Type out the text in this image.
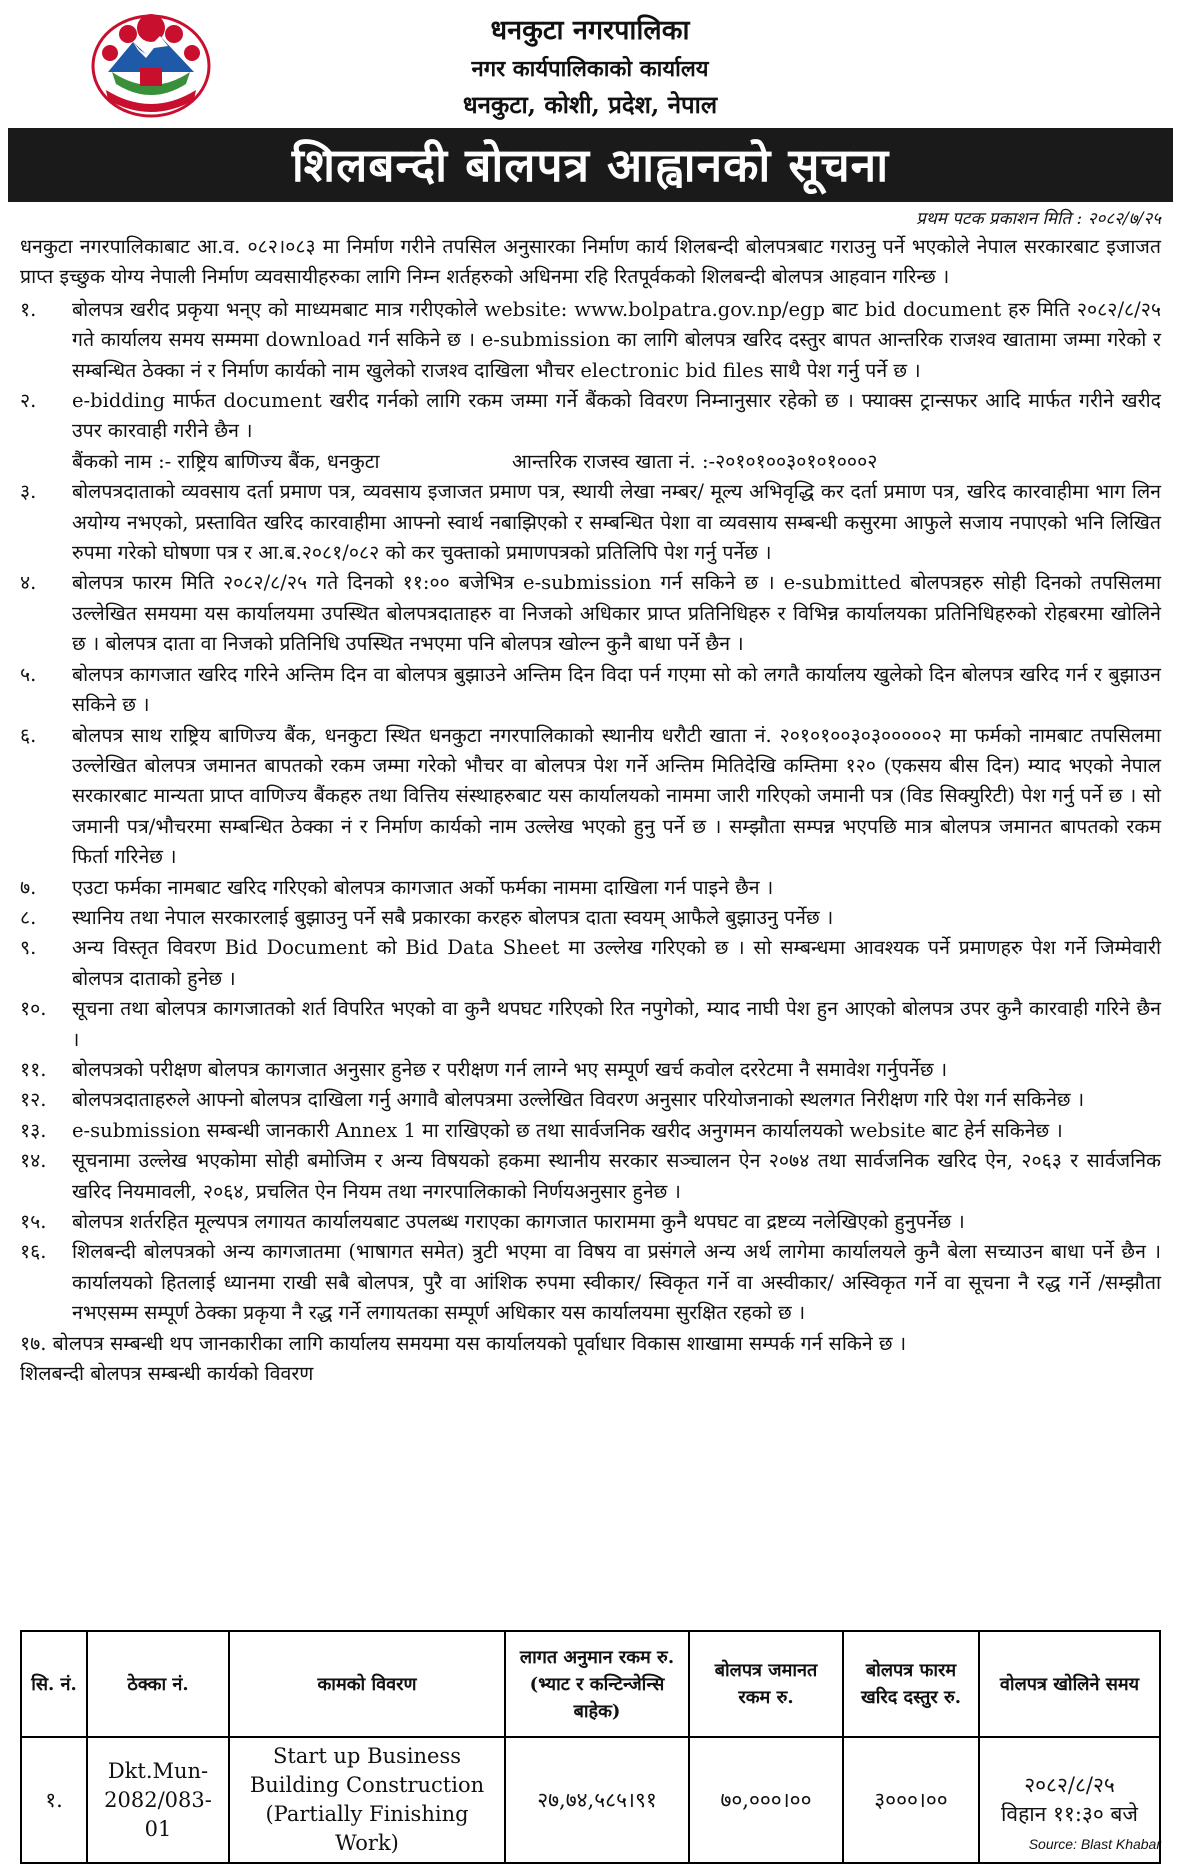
धनकुटा नगरपालिका
नगर कार्यपालिकाको कार्यालय
धनकुटा, कोशी, प्रदेश, नेपाल
शिलबन्दी बोलपत्र आह्वानको सूचना
प्रथम पटक प्रकाशन मिति : २०८२/७/२५

धनकुटा नगरपालिकाबाट आ.व. ०८२।०८३ मा निर्माण गरीने तपसिल अनुसारका निर्माण कार्य शिलबन्दी बोलपत्रबाट गराउनु पर्ने भएकोले नेपाल सरकारबाट इजाजत प्राप्त इच्छुक योग्य नेपाली निर्माण व्यवसायीहरुका लागि निम्न शर्तहरुको अधिनमा रहि रितपूर्वकको शिलबन्दी बोलपत्र आहवान गरिन्छ ।

१.	बोलपत्र खरीद प्रकृया भन्ए को माध्यमबाट मात्र गरीएकोले website: www.bolpatra.gov.np/egp बाट bid document हरु मिति २०८२/८/२५ गते कार्यालय समय सम्ममा download गर्न सकिने छ । e-submission का लागि बोलपत्र खरिद दस्तुर बापत आन्तरिक राजश्व खातामा जम्मा गरेको र सम्बन्धित ठेक्का नं र निर्माण कार्यको नाम खुलेको राजश्व दाखिला भौचर electronic bid files साथै पेश गर्नु पर्ने छ ।
२.	e-bidding मार्फत document खरीद गर्नको लागि रकम जम्मा गर्ने बैंकको विवरण निम्नानुसार रहेको छ । फ्याक्स ट्रान्सफर आदि मार्फत गरीने खरीद उपर कारवाही गरीने छैन ।
बैंकको नाम :- राष्ट्रिय बाणिज्य बैंक, धनकुटा	आन्तरिक राजस्व खाता नं. :-२०१०१००३०१०१०००२
३.	बोलपत्रदाताको व्यवसाय दर्ता प्रमाण पत्र, व्यवसाय इजाजत प्रमाण पत्र, स्थायी लेखा नम्बर/ मूल्य अभिवृद्धि कर दर्ता प्रमाण पत्र, खरिद कारवाहीमा भाग लिन अयोग्य नभएको, प्रस्तावित खरिद कारवाहीमा आफ्नो स्वार्थ नबाझिएको र सम्बन्धित पेशा वा व्यवसाय सम्बन्धी कसुरमा आफुले सजाय नपाएको भनि लिखित रुपमा गरेको घोषणा पत्र र आ.ब.२०८१/०८२ को कर चुक्ताको प्रमाणपत्रको प्रतिलिपि पेश गर्नु पर्नेछ ।
४.	बोलपत्र फारम मिति २०८२/८/२५ गते दिनको ११:०० बजेभित्र e-submission गर्न सकिने छ । e-submitted बोलपत्रहरु सोही दिनको तपसिलमा उल्लेखित समयमा यस कार्यालयमा उपस्थित बोलपत्रदाताहरु वा निजको अधिकार प्राप्त प्रतिनिधिहरु र विभिन्न कार्यालयका प्रतिनिधिहरुको रोहबरमा खोलिने छ । बोलपत्र दाता वा निजको प्रतिनिधि उपस्थित नभएमा पनि बोलपत्र खोल्न कुनै बाधा पर्ने छैन ।
५.	बोलपत्र कागजात खरिद गरिने अन्तिम दिन वा बोलपत्र बुझाउने अन्तिम दिन विदा पर्न गएमा सो को लगतै कार्यालय खुलेको दिन बोलपत्र खरिद गर्न र बुझाउन सकिने छ ।
६.	बोलपत्र साथ राष्ट्रिय बाणिज्य बैंक, धनकुटा स्थित धनकुटा नगरपालिकाको स्थानीय धरौटी खाता नं. २०१०१००३०३०००००२ मा फर्मको नामबाट तपसिलमा उल्लेखित बोलपत्र जमानत बापतको रकम जम्मा गरेको भौचर वा बोलपत्र पेश गर्ने अन्तिम मितिदेखि कम्तिमा १२० (एकसय बीस दिन) म्याद भएको नेपाल सरकारबाट मान्यता प्राप्त वाणिज्य बैंकहरु तथा वित्तिय संस्थाहरुबाट यस कार्यालयको नाममा जारी गरिएको जमानी पत्र (विड सिक्युरिटी) पेश गर्नु पर्ने छ । सो जमानी पत्र/भौचरमा सम्बन्धित ठेक्का नं र निर्माण कार्यको नाम उल्लेख भएको हुनु पर्ने छ । सम्झौता सम्पन्न भएपछि मात्र बोलपत्र जमानत बापतको रकम फिर्ता गरिनेछ ।
७.	एउटा फर्मका नामबाट खरिद गरिएको बोलपत्र कागजात अर्को फर्मका नाममा दाखिला गर्न पाइने छैन ।
८.	स्थानिय तथा नेपाल सरकारलाई बुझाउनु पर्ने सबै प्रकारका करहरु बोलपत्र दाता स्वयम् आफैले बुझाउनु पर्नेछ ।
९.	अन्य विस्तृत विवरण Bid Document को Bid Data Sheet मा उल्लेख गरिएको छ । सो सम्बन्धमा आवश्यक पर्ने प्रमाणहरु पेश गर्ने जिम्मेवारी बोलपत्र दाताको हुनेछ ।
१०.	सूचना तथा बोलपत्र कागजातको शर्त विपरित भएको वा कुनै थपघट गरिएको रित नपुगेको, म्याद नाघी पेश हुन आएको बोलपत्र उपर कुनै कारवाही गरिने छैन ।
११.	बोलपत्रको परीक्षण बोलपत्र कागजात अनुसार हुनेछ र परीक्षण गर्न लाग्ने भए सम्पूर्ण खर्च कवोल दररेटमा नै समावेश गर्नुपर्नेछ ।
१२.	बोलपत्रदाताहरुले आफ्नो बोलपत्र दाखिला गर्नु अगावै बोलपत्रमा उल्लेखित विवरण अनुसार परियोजनाको स्थलगत निरीक्षण गरि पेश गर्न सकिनेछ ।
१३.	e-submission सम्बन्धी जानकारी Annex 1 मा राखिएको छ तथा सार्वजनिक खरीद अनुगमन कार्यालयको website बाट हेर्न सकिनेछ ।
१४.	सूचनामा उल्लेख भएकोमा सोही बमोजिम र अन्य विषयको हकमा स्थानीय सरकार सञ्चालन ऐन २०७४ तथा सार्वजनिक खरिद ऐन, २०६३ र सार्वजनिक खरिद नियमावली, २०६४, प्रचलित ऐन नियम तथा नगरपालिकाको निर्णयअनुसार हुनेछ ।
१५.	बोलपत्र शर्तरहित मूल्यपत्र लगायत कार्यालयबाट उपलब्ध गराएका कागजात फाराममा कुनै थपघट वा द्रष्टव्य नलेखिएको हुनुपर्नेछ ।
१६.	शिलबन्दी बोलपत्रको अन्य कागजातमा (भाषागत समेत) त्रुटी भएमा वा विषय वा प्रसंगले अन्य अर्थ लागेमा कार्यालयले कुनै बेला सच्याउन बाधा पर्ने छैन । कार्यालयको हितलाई ध्यानमा राखी सबै बोलपत्र, पुरै वा आंशिक रुपमा स्वीकार/ स्विकृत गर्ने वा अस्वीकार/ अस्विकृत गर्ने वा सूचना नै रद्ध गर्ने /सम्झौता नभएसम्म सम्पूर्ण ठेक्का प्रकृया नै रद्ध गर्ने लगायतका सम्पूर्ण अधिकार यस कार्यालयमा सुरक्षित रहको छ ।
१७. बोलपत्र सम्बन्धी थप जानकारीका लागि कार्यालय समयमा यस कार्यालयको पूर्वाधार विकास शाखामा सम्पर्क गर्न सकिने छ ।
शिलबन्दी बोलपत्र सम्बन्धी कार्यको विवरण
सि. नं.	ठेक्का नं.	कामको विवरण	लागत अनुमान रकम रु. (भ्याट र कन्टिन्जेन्सि बाहेक)	बोलपत्र जमानत रकम रु.	बोलपत्र फारम खरिद दस्तुर रु.	वोलपत्र खोलिने समय
१.	Dkt.Mun-2082/083-01	Start up Business Building Construction (Partially Finishing Work)	२७,७४,५८५।९१	७०,०००।००	३०००।००	२०८२/८/२५
विहान ११:३० बजे
Source: Blast Khabar
